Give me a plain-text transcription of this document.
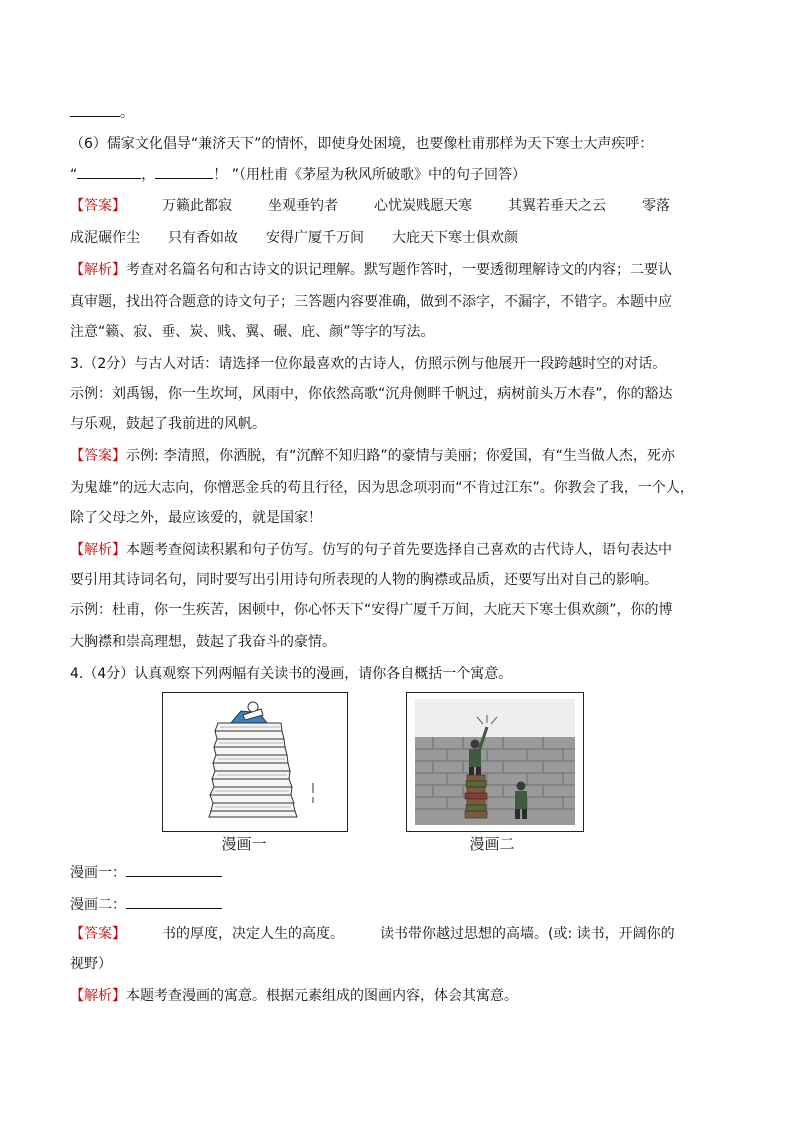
。
（6）儒家文化倡导“兼济天下”的情怀，即使身处困境，也要像杜甫那样为天下寒士大声疾呼：
“	，	！ ”（用杜甫《茅屋为秋风所破歌》中的句子回答）
【答案】	万籁此都寂	坐观垂钓者	心忧炭贱愿天寒	其翼若垂天之云	零落
成泥碾作尘 只有香如故 安得广厦千万间 大庇天下寒士俱欢颜
【解析】考查对名篇名句和古诗文的识记理解。默写题作答时，一要透彻理解诗文的内容；二要认
真审题，找出符合题意的诗文句子；三答题内容要准确，做到不添字，不漏字，不错字。本题中应
注意“籁、寂、垂、炭、贱、翼、碾、庇、颜”等字的写法。
3.（2分）与古人对话：请选择一位你最喜欢的古诗人，仿照示例与他展开一段跨越时空的对话。
示例：刘禹锡，你一生坎坷，风雨中，你依然高歌“沉舟侧畔千帆过，病树前头万木春”，你的豁达
与乐观，鼓起了我前进的风帆。
【答案】示例: 李清照，你洒脱，有“沉醉不知归路”的豪情与美丽；你爱国，有“生当做人杰，死亦
为鬼雄”的远大志向，你憎恶金兵的苟且行径，因为思念项羽而“不肯过江东”。你教会了我，一个人，
除了父母之外，最应该爱的，就是国家！
【解析】本题考查阅读积累和句子仿写。仿写的句子首先要选择自己喜欢的古代诗人，语句表达中
要引用其诗词名句，同时要写出引用诗句所表现的人物的胸襟或品质，还要写出对自己的影响。
示例：杜甫，你一生疾苦，困顿中，你心怀天下“安得广厦千万间，大庇天下寒士俱欢颜”，你的博
大胸襟和崇高理想，鼓起了我奋斗的豪情。
4.（4分）认真观察下列两幅有关读书的漫画，请你各自概括一个寓意。
漫画一	漫画二
漫画一：
漫画二：
【答案】	书的厚度，决定人生的高度。	读书带你越过思想的高墙。(或: 读书，开阔你的
视野）
【解析】本题考查漫画的寓意。根据元素组成的图画内容，体会其寓意。
